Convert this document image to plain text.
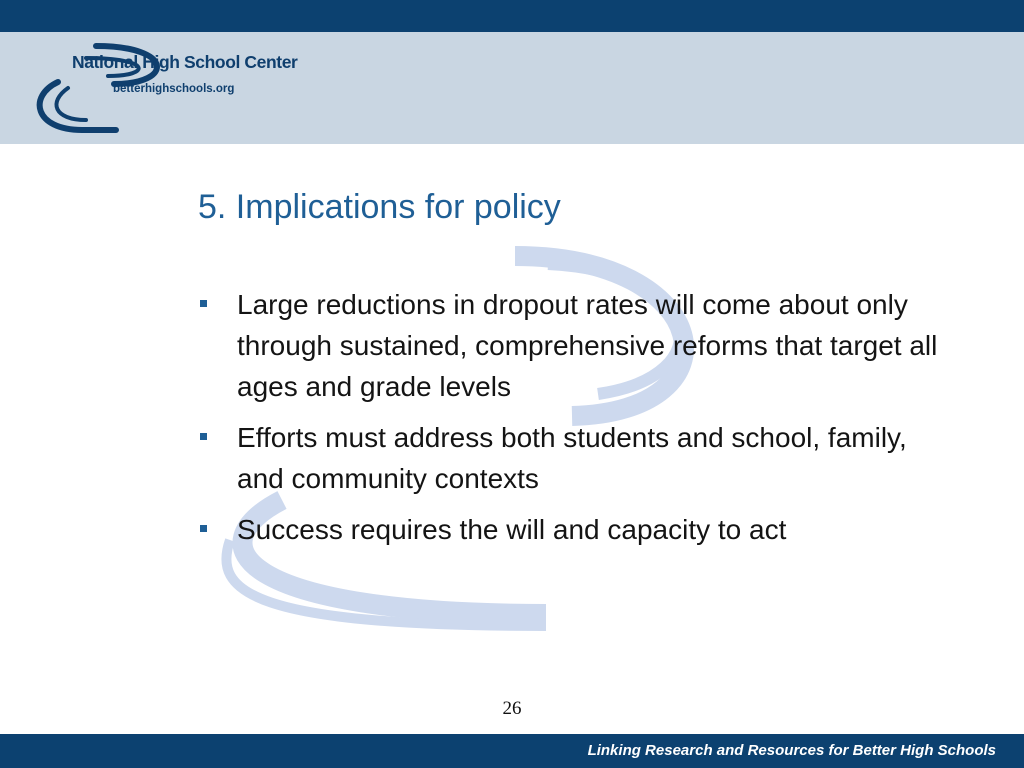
National High School Center
betterhighschools.org
5. Implications for policy
Large reductions in dropout rates will come about only through sustained, comprehensive reforms that target all ages and grade levels
Efforts must address both students and school, family, and community contexts
Success requires the will and capacity to act
26
Linking Research and Resources for Better High Schools
